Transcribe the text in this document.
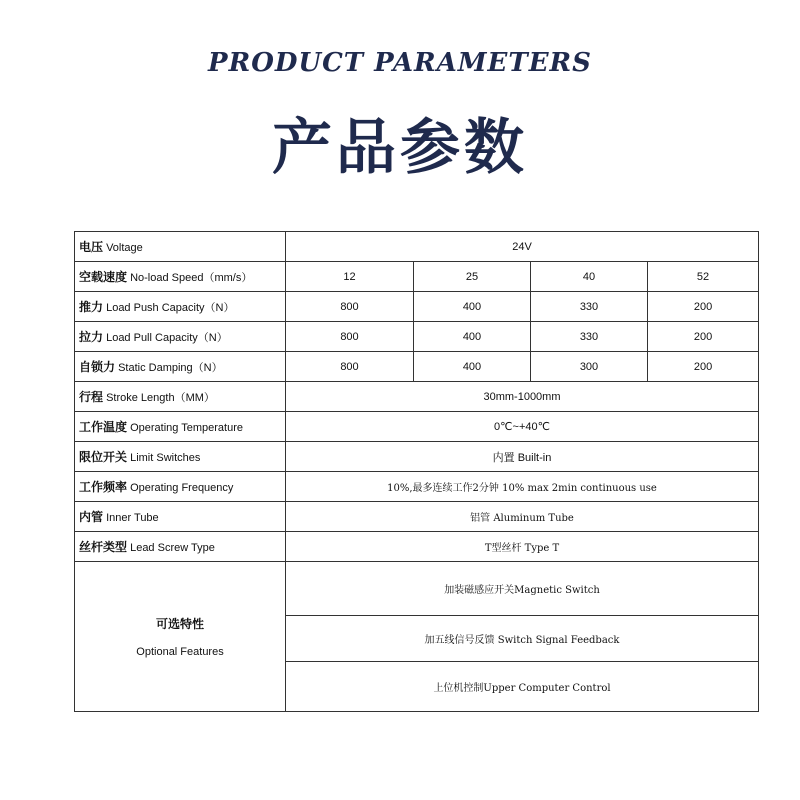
PRODUCT PARAMETERS
产品参数
电压 Voltage	24V			
空载速度 No-load Speed（mm/s）	12	25	40	52
推力 Load Push Capacity（N）	800	400	330	200
拉力 Load Pull Capacity（N）	800	400	330	200
自锁力 Static Damping（N）	800	400	300	200
行程 Stroke Length（MM）	30mm-1000mm			
工作温度 Operating Temperature	0℃~+40℃			
限位开关 Limit Switches	内置 Built-in			
工作频率 Operating Frequency	10%,最多连续工作2分钟 10% max 2min continuous use			
内管 Inner Tube	铝管 Aluminum Tube			
丝杆类型 Lead Screw Type	T型丝杆 Type T			

可选特性
Optional Features	加装磁感应开关Magnetic Switch			
	加五线信号反馈 Switch Signal Feedback			
	上位机控制Upper Computer Control			
